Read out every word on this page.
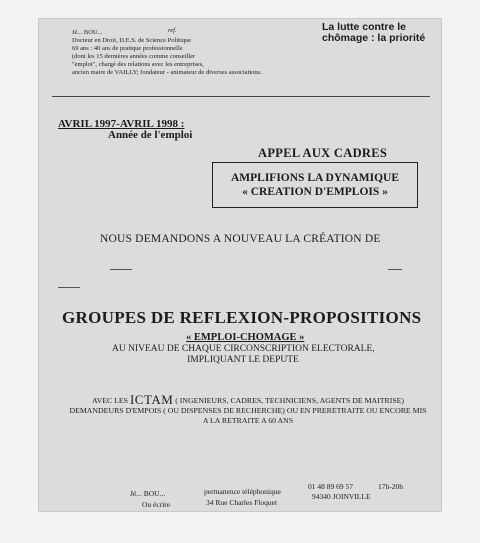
Jé... BOU...	ref.
Docteur en Droit, D.E.S. de Science Politique
69 ans : 40 ans de pratique professionnelle
(dont les 15 dernières années comme conseiller
"emploi", chargé des relations avec les entreprises,
ancien maire de VAILLY; fondateur - animateur de diverses associations.
La lutte contre le
chômage : la priorité
AVRIL 1997-AVRIL 1998 :
Année de l'emploi
APPEL AUX CADRES
AMPLIFIONS LA DYNAMIQUE
« CREATION D'EMPLOIS »
NOUS DEMANDONS A NOUVEAU LA CRÉATION DE
GROUPES DE REFLEXION-PROPOSITIONS
« EMPLOI-CHOMAGE »
AU NIVEAU DE CHAQUE CIRCONSCRIPTION ELECTORALE,
IMPLIQUANT LE DEPUTE
AVEC LES ICTAM ( INGENIEURS, CADRES, TECHNICIENS, AGENTS DE MAITRISE) DEMANDEURS D'EMPOIS ( OU DISPENSES DE RECHERCHE) OU EN PRERETRAITE OU ENCORE MIS A LA RETRAITE A 60 ANS
Jé... BOU...	permanence téléphonique
01 48 89 69 57	17h-20h
Ou écrire	34 Rue Charles Floquet
94340 JOINVILLE
